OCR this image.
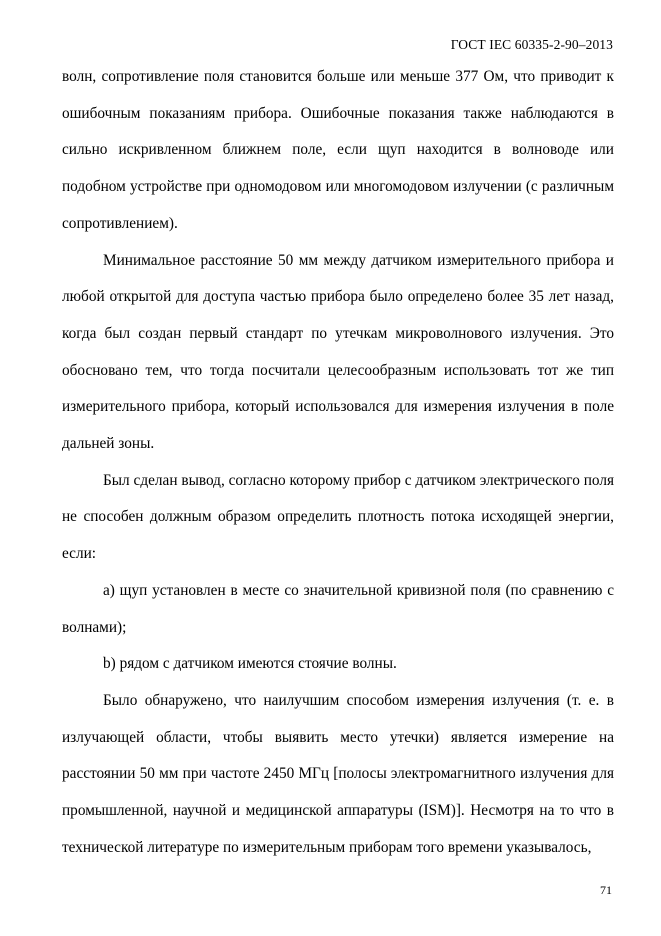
ГОСТ IEC 60335-2-90–2013

волн, сопротивление поля становится больше или меньше 377 Ом, что приводит к ошибочным показаниям прибора. Ошибочные показания также наблюдаются в сильно искривленном ближнем поле, если щуп находится в волноводе или подобном устройстве при одномодовом или многомодовом излучении (с различным сопротивлением).

Минимальное расстояние 50 мм между датчиком измерительного прибора и любой открытой для доступа частью прибора было определено более 35 лет назад, когда был создан первый стандарт по утечкам микроволнового излучения. Это обосновано тем, что тогда посчитали целесообразным использовать тот же тип измерительного прибора, который использовался для измерения излучения в поле дальней зоны.

Был сделан вывод, согласно которому прибор с датчиком электрического поля не способен должным образом определить плотность потока исходящей энергии, если:

a) щуп установлен в месте со значительной кривизной поля (по сравнению с волнами);

b) рядом с датчиком имеются стоячие волны.

Было обнаружено, что наилучшим способом измерения излучения (т. е. в излучающей области, чтобы выявить место утечки) является измерение на расстоянии 50 мм при частоте 2450 МГц [полосы электромагнитного излучения для промышленной, научной и медицинской аппаратуры (ISM)]. Несмотря на то что в технической литературе по измерительным приборам того времени указывалось,

71
